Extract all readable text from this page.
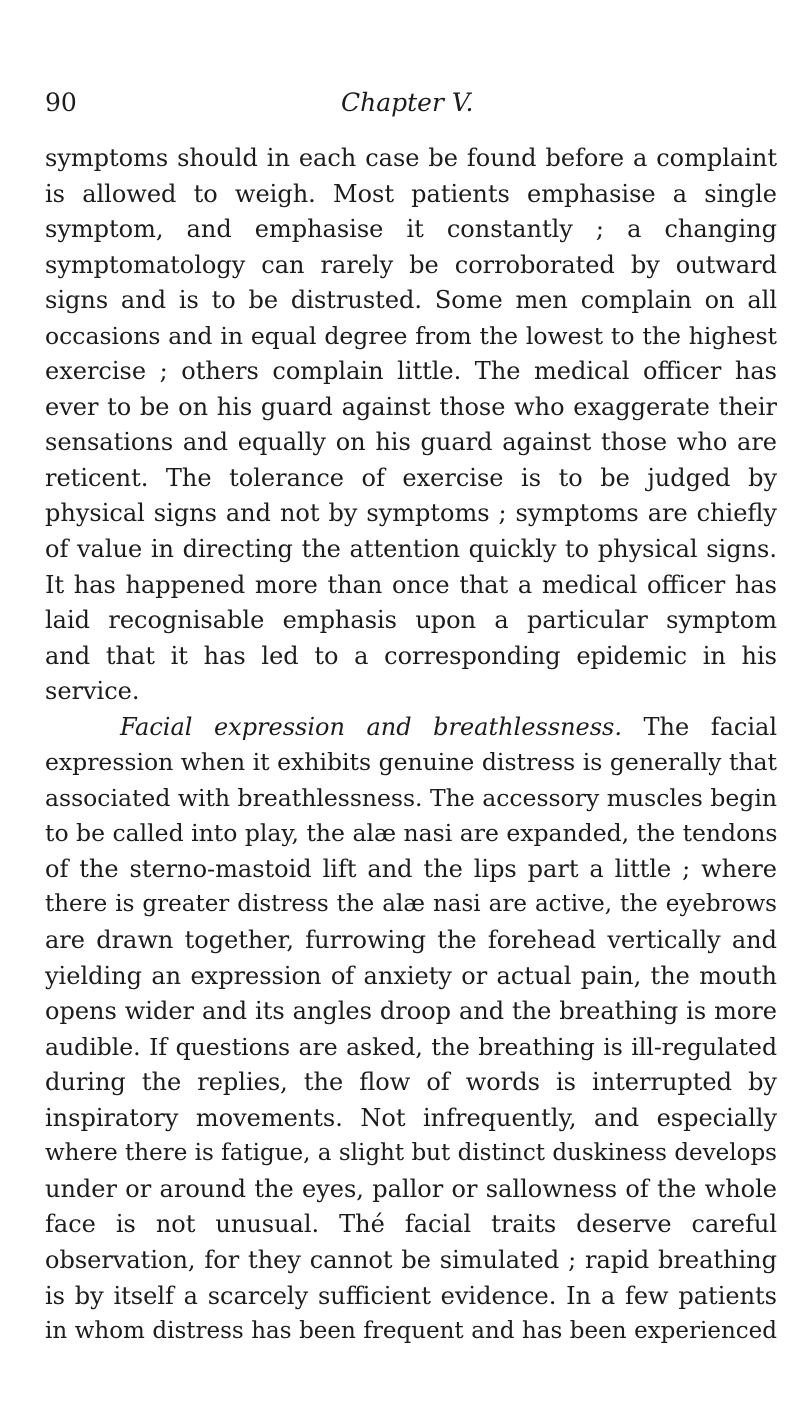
90	Chapter V.
symptoms should in each case be found before a complaint
is allowed to weigh. Most patients emphasise a single
symptom, and emphasise it constantly ; a changing
symptomatology can rarely be corroborated by outward
signs and is to be distrusted. Some men complain on all
occasions and in equal degree from the lowest to the highest
exercise ; others complain little. The medical officer has
ever to be on his guard against those who exaggerate their
sensations and equally on his guard against those who are
reticent. The tolerance of exercise is to be judged by
physical signs and not by symptoms ; symptoms are chiefly
of value in directing the attention quickly to physical signs.
It has happened more than once that a medical officer has
laid recognisable emphasis upon a particular symptom
and that it has led to a corresponding epidemic in his
service.
Facial expression and breathlessness. The facial
expression when it exhibits genuine distress is generally that
associated with breathlessness. The accessory muscles begin
to be called into play, the alæ nasi are expanded, the tendons
of the sterno-mastoid lift and the lips part a little ; where
there is greater distress the alæ nasi are active, the eyebrows
are drawn together, furrowing the forehead vertically and
yielding an expression of anxiety or actual pain, the mouth
opens wider and its angles droop and the breathing is more
audible. If questions are asked, the breathing is ill-regulated
during the replies, the flow of words is interrupted by
inspiratory movements. Not infrequently, and especially
where there is fatigue, a slight but distinct duskiness develops
under or around the eyes, pallor or sallowness of the whole
face is not unusual. Thé facial traits deserve careful
observation, for they cannot be simulated ; rapid breathing
is by itself a scarcely sufficient evidence. In a few patients
in whom distress has been frequent and has been experienced
